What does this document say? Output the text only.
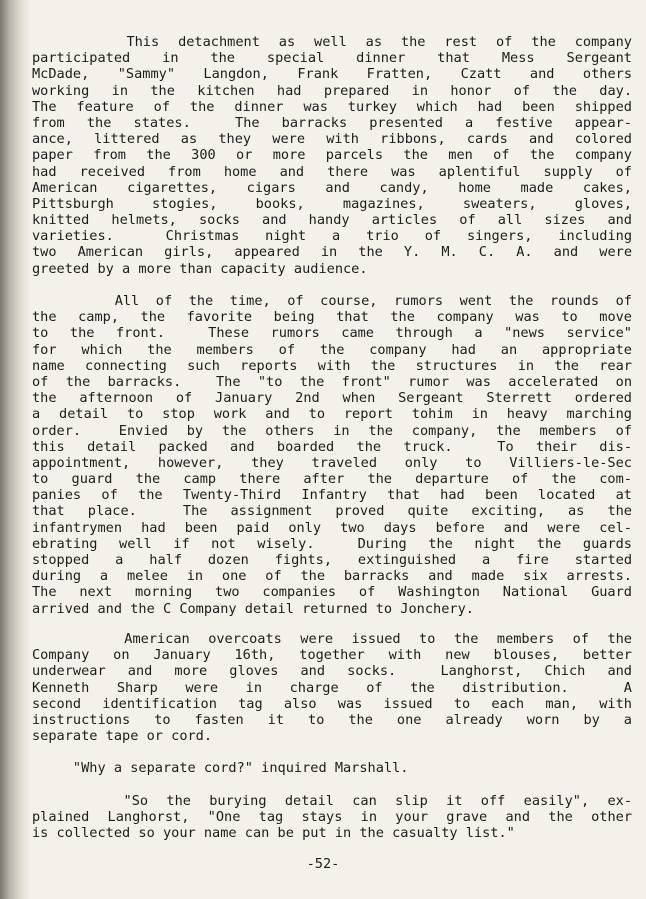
This detachment as well as the rest of the company
participated in the special dinner that Mess Sergeant
McDade, "Sammy" Langdon, Frank Fratten, Czatt and others
working in the kitchen had prepared in honor of the day.
The feature of the dinner was turkey which had been shipped
from the states.  The barracks presented a festive appear-
ance, littered as they were with ribbons, cards and colored
paper from the 300 or more parcels the men of the company
had received from home and there was aplentiful supply of
American cigarettes, cigars and candy, home made cakes,
Pittsburgh stogies, books, magazines, sweaters, gloves,
knitted helmets, socks and handy articles of all sizes and
varieties.  Christmas night a trio of singers, including
two American girls, appeared in the Y. M. C. A. and were
greeted by a more than capacity audience.
All of the time, of course, rumors went the rounds of
the camp, the favorite being that the company was to move
to the front.  These rumors came through a "news service"
for which the members of the company had an appropriate
name connecting such reports with the structures in the rear
of the barracks.  The "to the front" rumor was accelerated on
the afternoon of January 2nd when Sergeant Sterrett ordered
a detail to stop work and to report tohim in heavy marching
order.  Envied by the others in the company, the members of
this detail packed and boarded the truck.  To their dis-
appointment, however, they traveled only to Villiers-le-Sec
to guard the camp there after the departure of the com-
panies of the Twenty-Third Infantry that had been located at
that place.  The assignment proved quite exciting, as the
infantrymen had been paid only two days before and were cel-
ebrating well if not wisely.  During the night the guards
stopped a half dozen fights, extinguished a fire started
during a melee in one of the barracks and made six arrests.
The next morning two companies of Washington National Guard
arrived and the C Company detail returned to Jonchery.
American overcoats were issued to the members of the
Company on January 16th, together with new blouses, better
underwear and more gloves and socks.  Langhorst, Chich and
Kenneth Sharp were in charge of the distribution.  A
second identification tag also was issued to each man, with
instructions to fasten it to the one already worn by a
separate tape or cord.
"Why a separate cord?" inquired Marshall.
"So the burying detail can slip it off easily", ex-
plained Langhorst, "One tag stays in your grave and the other
is collected so your name can be put in the casualty list."
-52-
